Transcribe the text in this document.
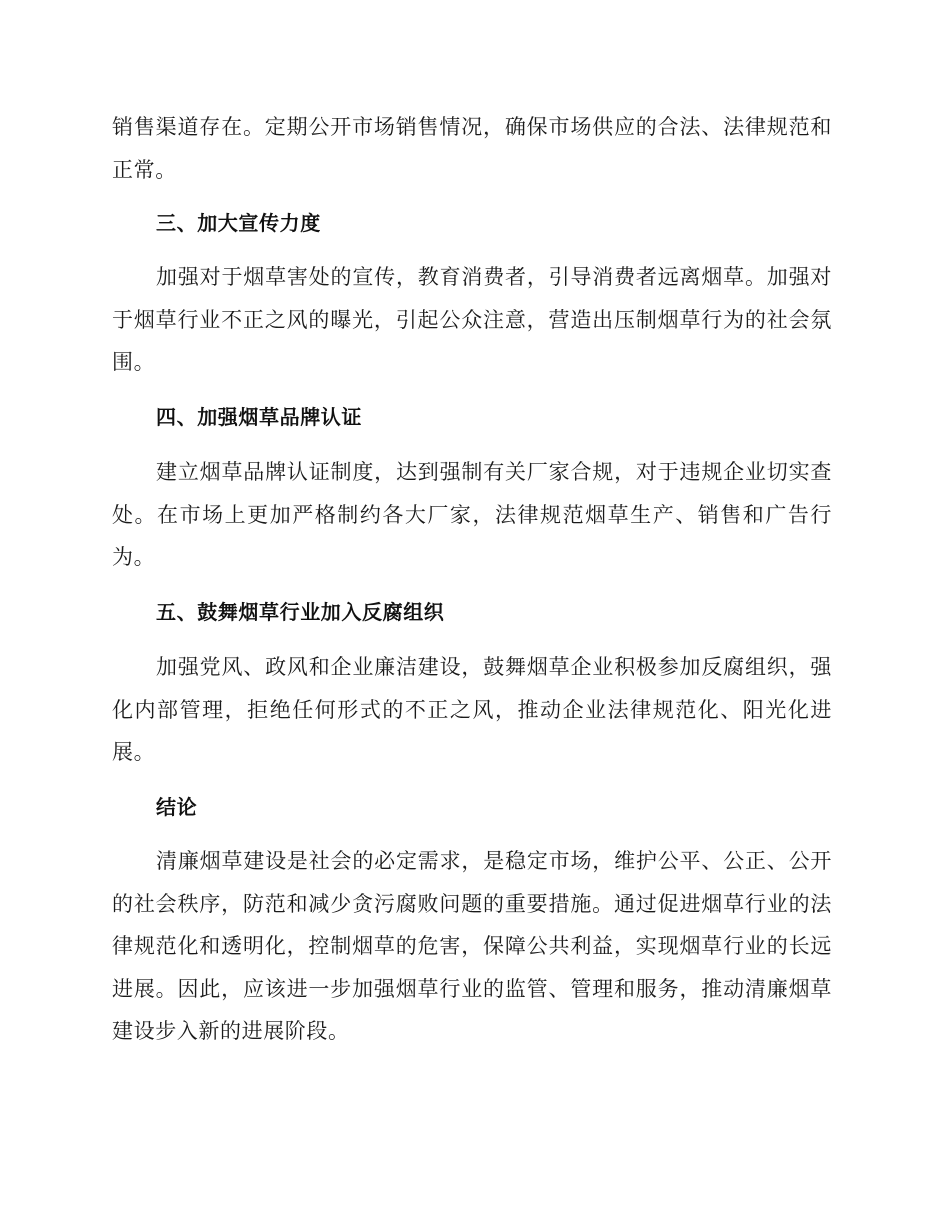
销售渠道存在。定期公开市场销售情况，确保市场供应的合法、法律规范和正常。

三、加大宣传力度

加强对于烟草害处的宣传，教育消费者，引导消费者远离烟草。加强对于烟草行业不正之风的曝光，引起公众注意，营造出压制烟草行为的社会氛围。

四、加强烟草品牌认证

建立烟草品牌认证制度，达到强制有关厂家合规，对于违规企业切实查处。在市场上更加严格制约各大厂家，法律规范烟草生产、销售和广告行为。

五、鼓舞烟草行业加入反腐组织

加强党风、政风和企业廉洁建设，鼓舞烟草企业积极参加反腐组织，强化内部管理，拒绝任何形式的不正之风，推动企业法律规范化、阳光化进展。

结论

清廉烟草建设是社会的必定需求，是稳定市场，维护公平、公正、公开的社会秩序，防范和减少贪污腐败问题的重要措施。通过促进烟草行业的法律规范化和透明化，控制烟草的危害，保障公共利益，实现烟草行业的长远进展。因此，应该进一步加强烟草行业的监管、管理和服务，推动清廉烟草建设步入新的进展阶段。
